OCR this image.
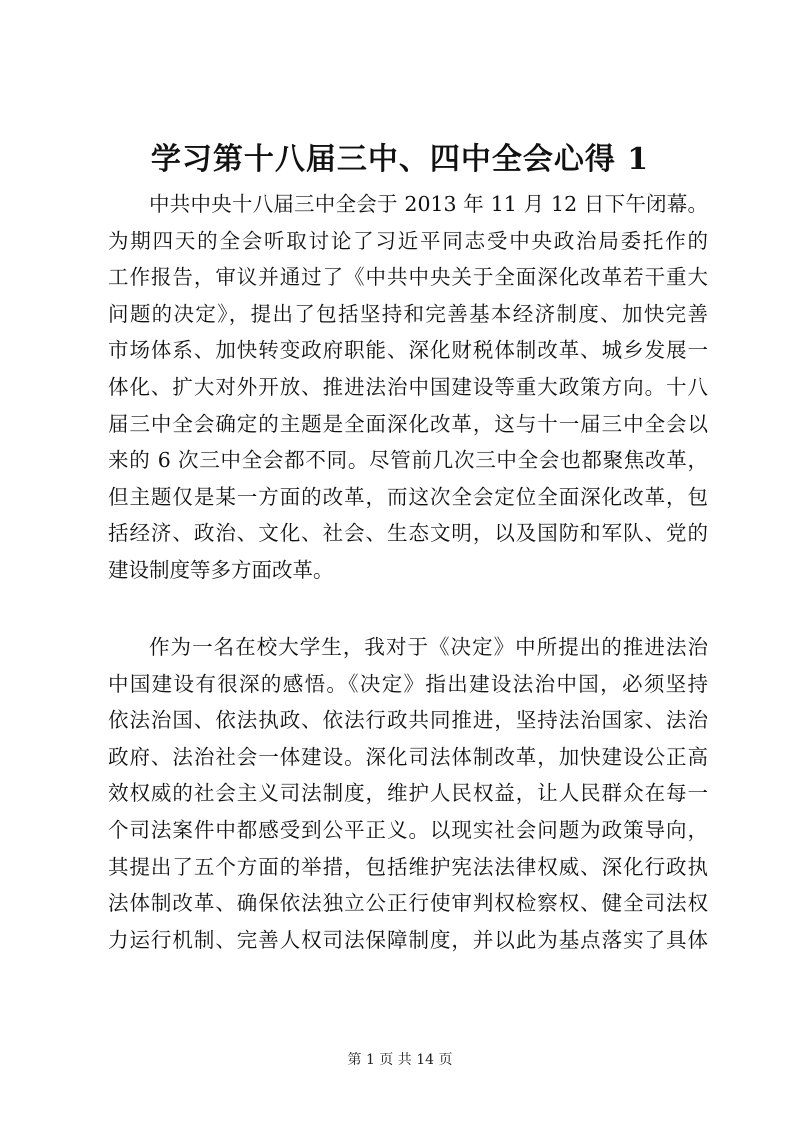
学习第十八届三中、四中全会心得 1
中共中央十八届三中全会于 2013 年 11 月 12 日下午闭幕。
为期四天的全会听取讨论了习近平同志受中央政治局委托作的
工作报告，审议并通过了《中共中央关于全面深化改革若干重大
问题的决定》，提出了包括坚持和完善基本经济制度、加快完善
市场体系、加快转变政府职能、深化财税体制改革、城乡发展一
体化、扩大对外开放、推进法治中国建设等重大政策方向。十八
届三中全会确定的主题是全面深化改革，这与十一届三中全会以
来的 6 次三中全会都不同。尽管前几次三中全会也都聚焦改革，
但主题仅是某一方面的改革，而这次全会定位全面深化改革，包
括经济、政治、文化、社会、生态文明，以及国防和军队、党的
建设制度等多方面改革。
作为一名在校大学生，我对于《决定》中所提出的推进法治
中国建设有很深的感悟。《决定》指出建设法治中国，必须坚持
依法治国、依法执政、依法行政共同推进，坚持法治国家、法治
政府、法治社会一体建设。深化司法体制改革，加快建设公正高
效权威的社会主义司法制度，维护人民权益，让人民群众在每一
个司法案件中都感受到公平正义。以现实社会问题为政策导向，
其提出了五个方面的举措，包括维护宪法法律权威、深化行政执
法体制改革、确保依法独立公正行使审判权检察权、健全司法权
力运行机制、完善人权司法保障制度，并以此为基点落实了具体
第 1 页 共 14 页
